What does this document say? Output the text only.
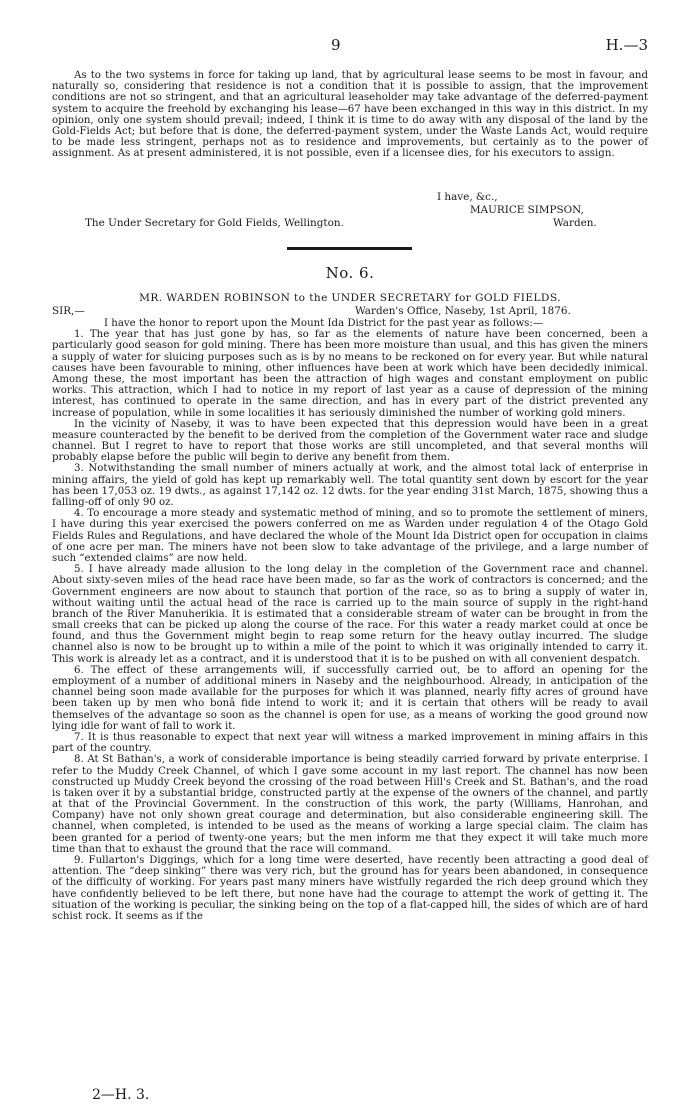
9	H.—3

As to the two systems in force for taking up land, that by agricultural lease seems to be most in favour, and naturally so, considering that residence is not a condition that it is possible to assign, that the improvement conditions are not so stringent, and that an agricultural leaseholder may take advantage of the deferred-payment system to acquire the freehold by exchanging his lease—67 have been exchanged in this way in this district. In my opinion, only one system should prevail; indeed, I think it is time to do away with any disposal of the land by the Gold-Fields Act; but before that is done, the deferred-payment system, under the Waste Lands Act, would require to be made less stringent, perhaps not as to residence and improvements, but certainly as to the power of assignment. As at present administered, it is not possible, even if a licensee dies, for his executors to assign.

I have, &c.,
MAURICE SIMPSON,
The Under Secretary for Gold Fields, Wellington.	Warden.
No. 6.
MR. WARDEN ROBINSON to the UNDER SECRETARY for GOLD FIELDS.
SIR,—	Warden's Office, Naseby, 1st April, 1876.

I have the honor to report upon the Mount Ida District for the past year as follows:—

1. The year that has just gone by has, so far as the elements of nature have been concerned, been a particularly good season for gold mining. There has been more moisture than usual, and this has given the miners a supply of water for sluicing purposes such as is by no means to be reckoned on for every year. But while natural causes have been favourable to mining, other influences have been at work which have been decidedly inimical. Among these, the most important has been the attraction of high wages and constant employment on public works. This attraction, which I had to notice in my report of last year as a cause of depression of the mining interest, has continued to operate in the same direction, and has in every part of the district prevented any increase of population, while in some localities it has seriously diminished the number of working gold miners.

In the vicinity of Naseby, it was to have been expected that this depression would have been in a great measure counteracted by the benefit to be derived from the completion of the Government water race and sludge channel. But I regret to have to report that those works are still uncompleted, and that several months will probably elapse before the public will begin to derive any benefit from them.

3. Notwithstanding the small number of miners actually at work, and the almost total lack of enterprise in mining affairs, the yield of gold has kept up remarkably well. The total quantity sent down by escort for the year has been 17,053 oz. 19 dwts., as against 17,142 oz. 12 dwts. for the year ending 31st March, 1875, showing thus a falling-off of only 90 oz.

4. To encourage a more steady and systematic method of mining, and so to promote the settlement of miners, I have during this year exercised the powers conferred on me as Warden under regulation 4 of the Otago Gold Fields Rules and Regulations, and have declared the whole of the Mount Ida District open for occupation in claims of one acre per man. The miners have not been slow to take advantage of the privilege, and a large number of such “extended claims” are now held.

5. I have already made allusion to the long delay in the completion of the Government race and channel. About sixty-seven miles of the head race have been made, so far as the work of contractors is concerned; and the Government engineers are now about to staunch that portion of the race, so as to bring a supply of water in, without waiting until the actual head of the race is carried up to the main source of supply in the right-hand branch of the River Manuherikia. It is estimated that a considerable stream of water can be brought in from the small creeks that can be picked up along the course of the race. For this water a ready market could at once be found, and thus the Government might begin to reap some return for the heavy outlay incurred. The sludge channel also is now to be brought up to within a mile of the point to which it was originally intended to carry it. This work is already let as a contract, and it is understood that it is to be pushed on with all convenient despatch.

6. The effect of these arrangements will, if successfully carried out, be to afford an opening for the employment of a number of additional miners in Naseby and the neighbourhood. Already, in anticipation of the channel being soon made available for the purposes for which it was planned, nearly fifty acres of ground have been taken up by men who bonâ fide intend to work it; and it is certain that others will be ready to avail themselves of the advantage so soon as the channel is open for use, as a means of working the good ground now lying idle for want of fall to work it.

7. It is thus reasonable to expect that next year will witness a marked improvement in mining affairs in this part of the country.

8. At St Bathan's, a work of considerable importance is being steadily carried forward by private enterprise. I refer to the Muddy Creek Channel, of which I gave some account in my last report. The channel has now been constructed up Muddy Creek beyond the crossing of the road between Hill's Creek and St. Bathan's, and the road is taken over it by a substantial bridge, constructed partly at the expense of the owners of the channel, and partly at that of the Provincial Government. In the construction of this work, the party (Williams, Hanrohan, and Company) have not only shown great courage and determination, but also considerable engineering skill. The channel, when completed, is intended to be used as the means of working a large special claim. The claim has been granted for a period of twenty-one years; but the men inform me that they expect it will take much more time than that to exhaust the ground that the race will command.

9. Fullarton's Diggings, which for a long time were deserted, have recently been attracting a good deal of attention. The “deep sinking” there was very rich, but the ground has for years been abandoned, in consequence of the difficulty of working. For years past many miners have wistfully regarded the rich deep ground which they have confidently believed to be left there, but none have had the courage to attempt the work of getting it. The situation of the working is peculiar, the sinking being on the top of a flat-capped hill, the sides of which are of hard schist rock. It seems as if the

2—H. 3.
